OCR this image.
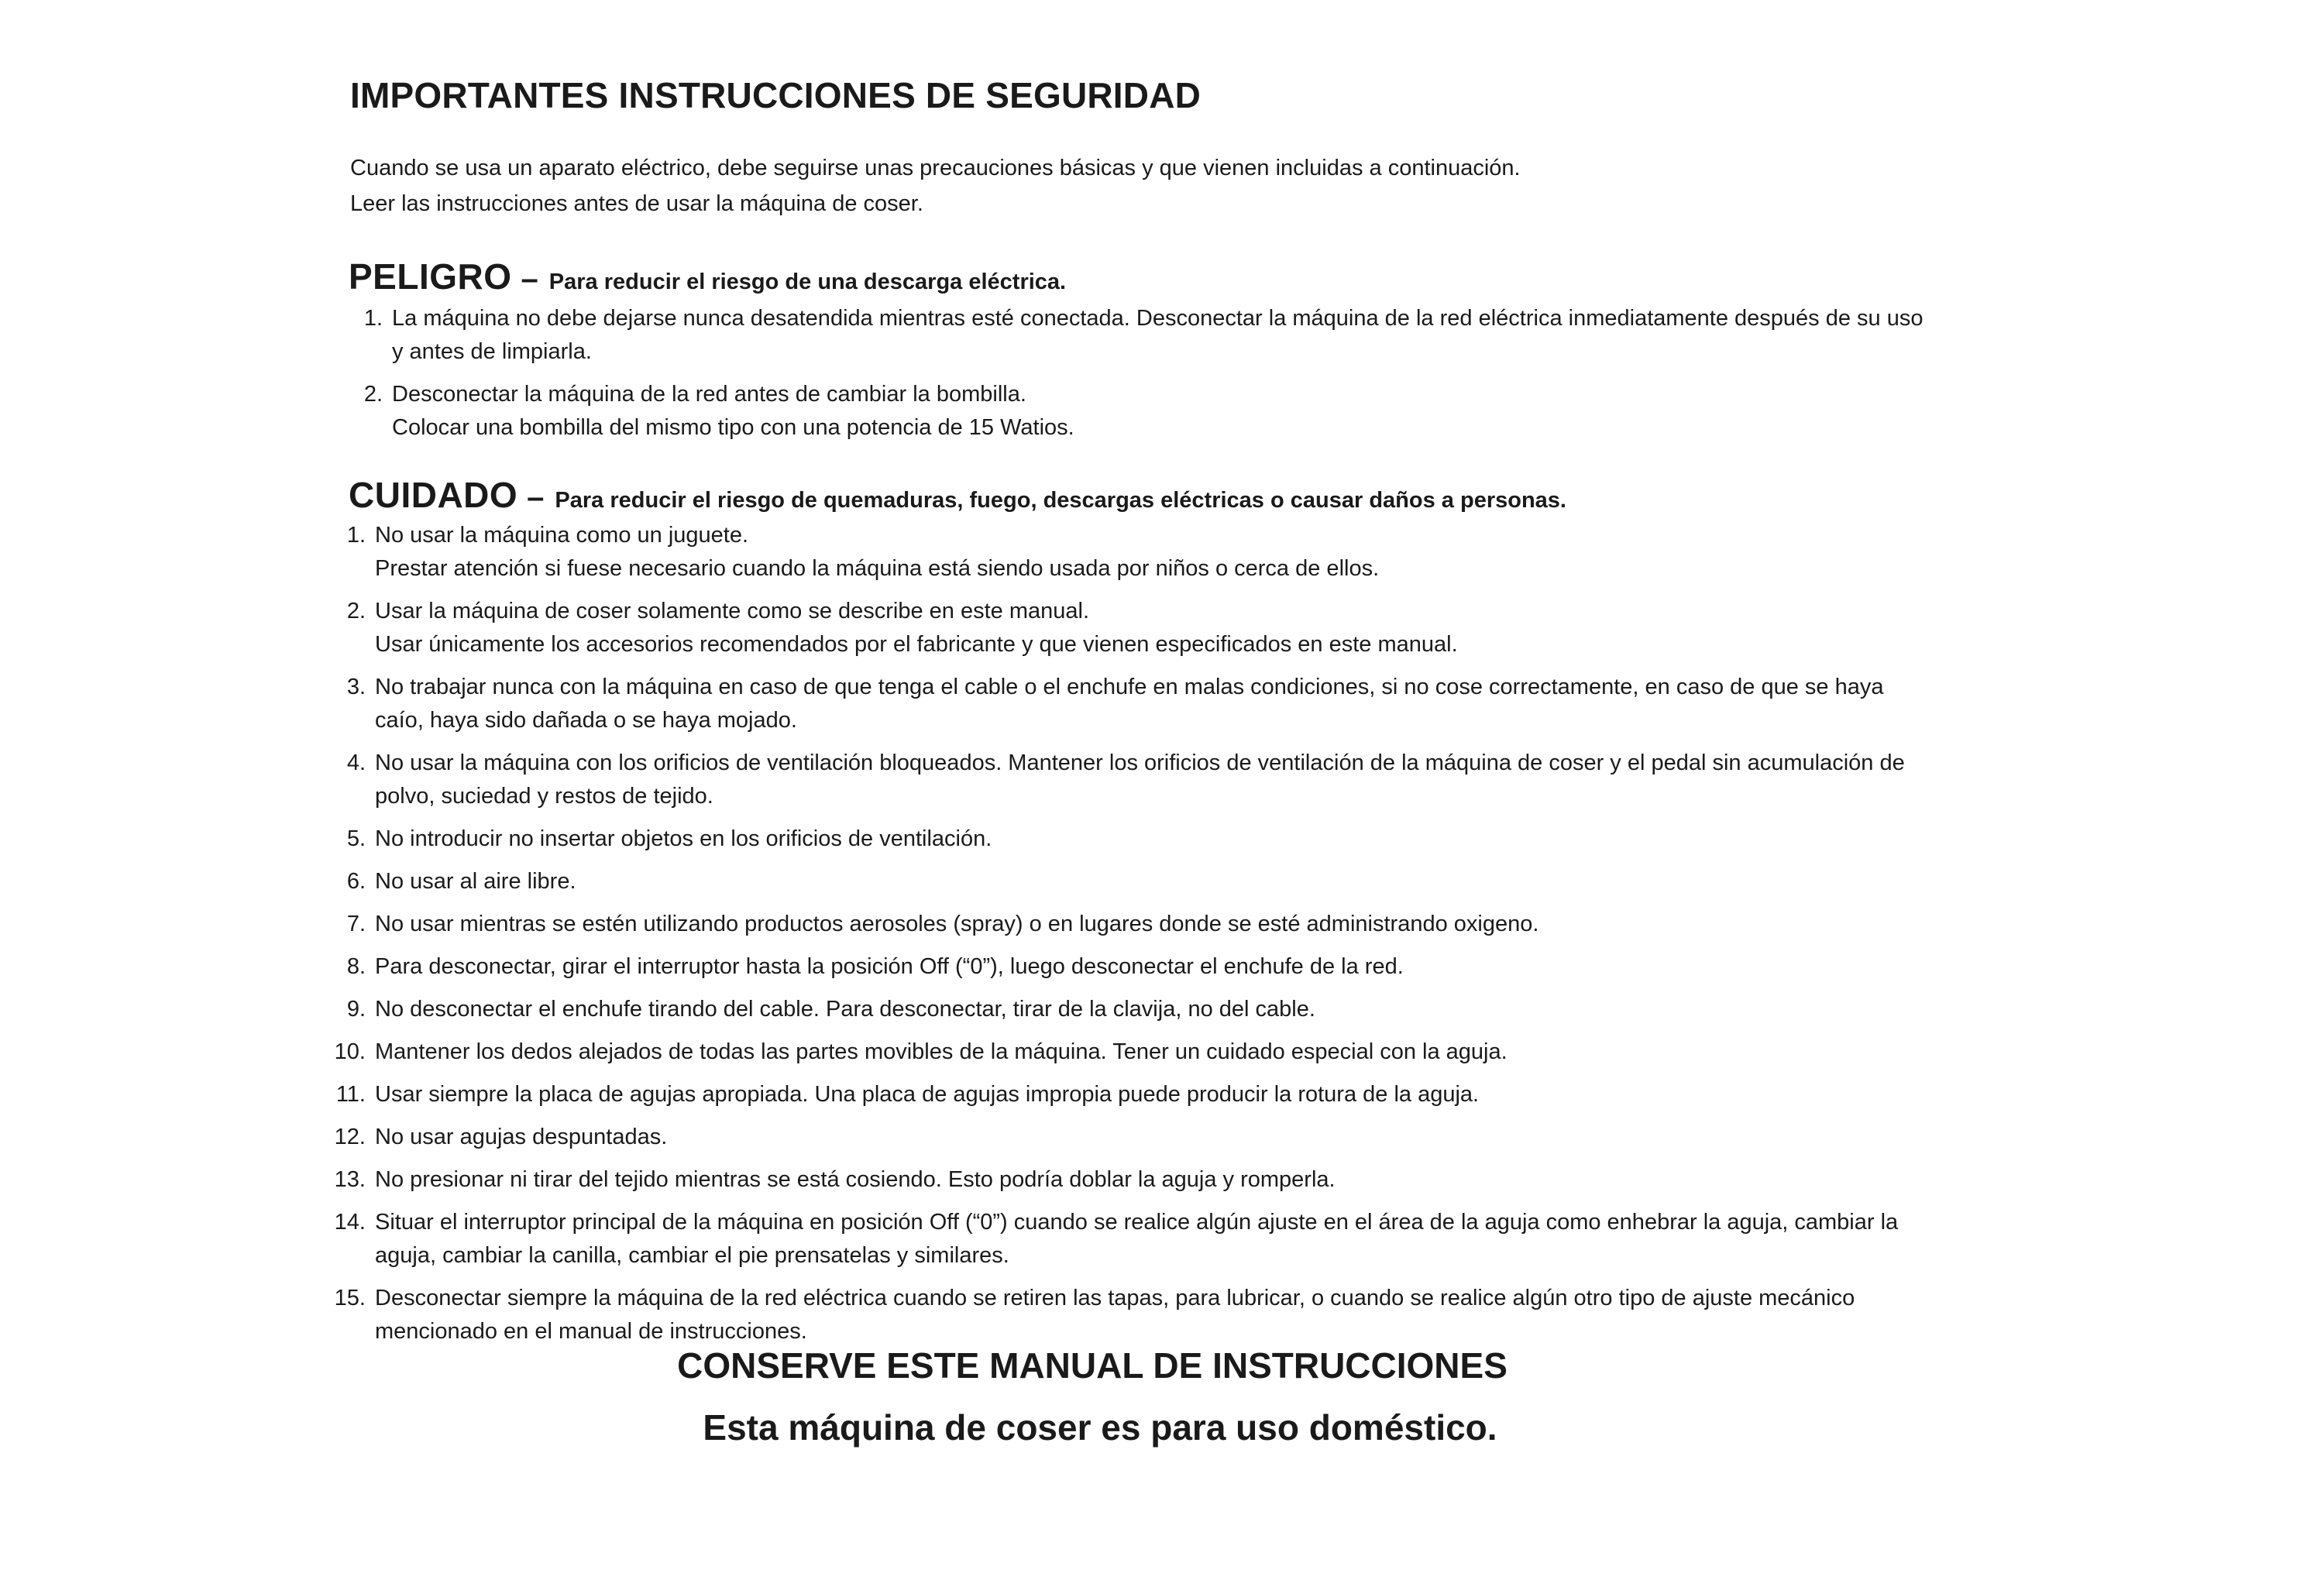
IMPORTANTES INSTRUCCIONES DE SEGURIDAD

Cuando se usa un aparato eléctrico, debe seguirse unas precauciones básicas y que vienen incluidas a continuación.

Leer las instrucciones antes de usar la máquina de coser.

PELIGRO – Para reducir el riesgo de una descarga eléctrica.
1. La máquina no debe dejarse nunca desatendida mientras esté conectada. Desconectar la máquina de la red eléctrica inmediatamente después de su uso y antes de limpiarla.
2. Desconectar la máquina de la red antes de cambiar la bombilla.
Colocar una bombilla del mismo tipo con una potencia de 15 Watios.
CUIDADO – Para reducir el riesgo de quemaduras, fuego, descargas eléctricas o causar daños a personas.
1. No usar la máquina como un juguete.
Prestar atención si fuese necesario cuando la máquina está siendo usada por niños o cerca de ellos.
2. Usar la máquina de coser solamente como se describe en este manual.
Usar únicamente los accesorios recomendados por el fabricante y que vienen especificados en este manual.
3. No trabajar nunca con la máquina en caso de que tenga el cable o el enchufe en malas condiciones, si no cose correctamente, en caso de que se haya caío, haya sido dañada o se haya mojado.
4. No usar la máquina con los orificios de ventilación bloqueados. Mantener los orificios de ventilación de la máquina de coser y el pedal sin acumulación de polvo, suciedad y restos de tejido.
5. No introducir no insertar objetos en los orificios de ventilación.
6. No usar al aire libre.
7. No usar mientras se estén utilizando productos aerosoles (spray) o en lugares donde se esté administrando oxigeno.
8. Para desconectar, girar el interruptor hasta la posición Off (“0”), luego desconectar el enchufe de la red.
9. No desconectar el enchufe tirando del cable. Para desconectar, tirar de la clavija, no del cable.
10. Mantener los dedos alejados de todas las partes movibles de la máquina. Tener un cuidado especial con la aguja.
11. Usar siempre la placa de agujas apropiada. Una placa de agujas impropia puede producir la rotura de la aguja.
12. No usar agujas despuntadas.
13. No presionar ni tirar del tejido mientras se está cosiendo. Esto podría doblar la aguja y romperla.
14. Situar el interruptor principal de la máquina en posición Off (“0”) cuando se realice algún ajuste en el área de la aguja como enhebrar la aguja, cambiar la aguja, cambiar la canilla, cambiar el pie prensatelas y similares.
15. Desconectar siempre la máquina de la red eléctrica cuando se retiren las tapas, para lubricar, o cuando se realice algún otro tipo de ajuste mecánico mencionado en el manual de instrucciones.

CONSERVE ESTE MANUAL DE INSTRUCCIONES

Esta máquina de coser es para uso doméstico.
